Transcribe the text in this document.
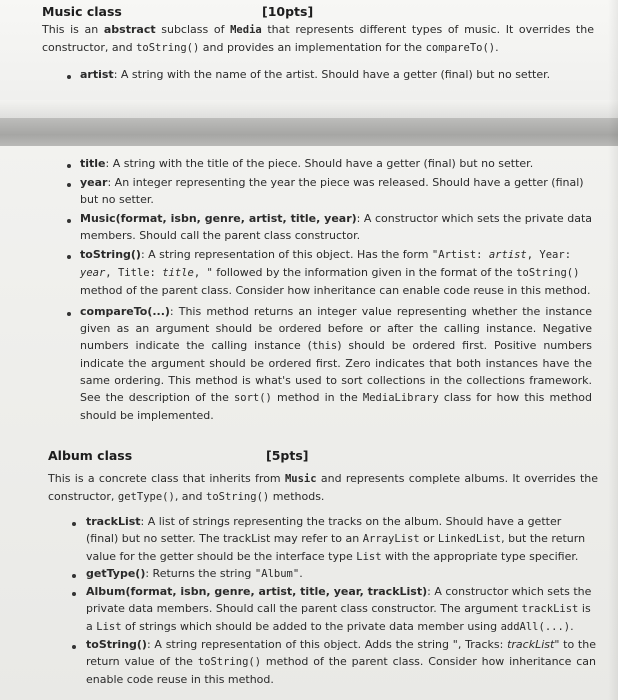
Music class	[10pts]
This is an abstract subclass of Media that represents different types of music. It overrides the constructor, and toString() and provides an implementation for the compareTo().
artist: A string with the name of the artist. Should have a getter (final) but no setter.
title: A string with the title of the piece. Should have a getter (final) but no setter.
year: An integer representing the year the piece was released. Should have a getter (final) but no setter.
Music(format, isbn, genre, artist, title, year): A constructor which sets the private data members. Should call the parent class constructor.
toString(): A string representation of this object. Has the form "Artist: artist, Year: year, Title: title, " followed by the information given in the format of the toString() method of the parent class. Consider how inheritance can enable code reuse in this method.
compareTo(...): This method returns an integer value representing whether the instance given as an argument should be ordered before or after the calling instance. Negative numbers indicate the calling instance (this) should be ordered first. Positive numbers indicate the argument should be ordered first. Zero indicates that both instances have the same ordering. This method is what's used to sort collections in the collections framework. See the description of the sort() method in the MediaLibrary class for how this method should be implemented.
Album class	[5pts]
This is a concrete class that inherits from Music and represents complete albums. It overrides the constructor, getType(), and toString() methods.
trackList: A list of strings representing the tracks on the album. Should have a getter (final) but no setter. The trackList may refer to an ArrayList or LinkedList, but the return value for the getter should be the interface type List with the appropriate type specifier.
getType(): Returns the string "Album".
Album(format, isbn, genre, artist, title, year, trackList): A constructor which sets the private data members. Should call the parent class constructor. The argument trackList is a List of strings which should be added to the private data member using addAll(...).
toString(): A string representation of this object. Adds the string ", Tracks: trackList" to the return value of the toString() method of the parent class. Consider how inheritance can enable code reuse in this method.
